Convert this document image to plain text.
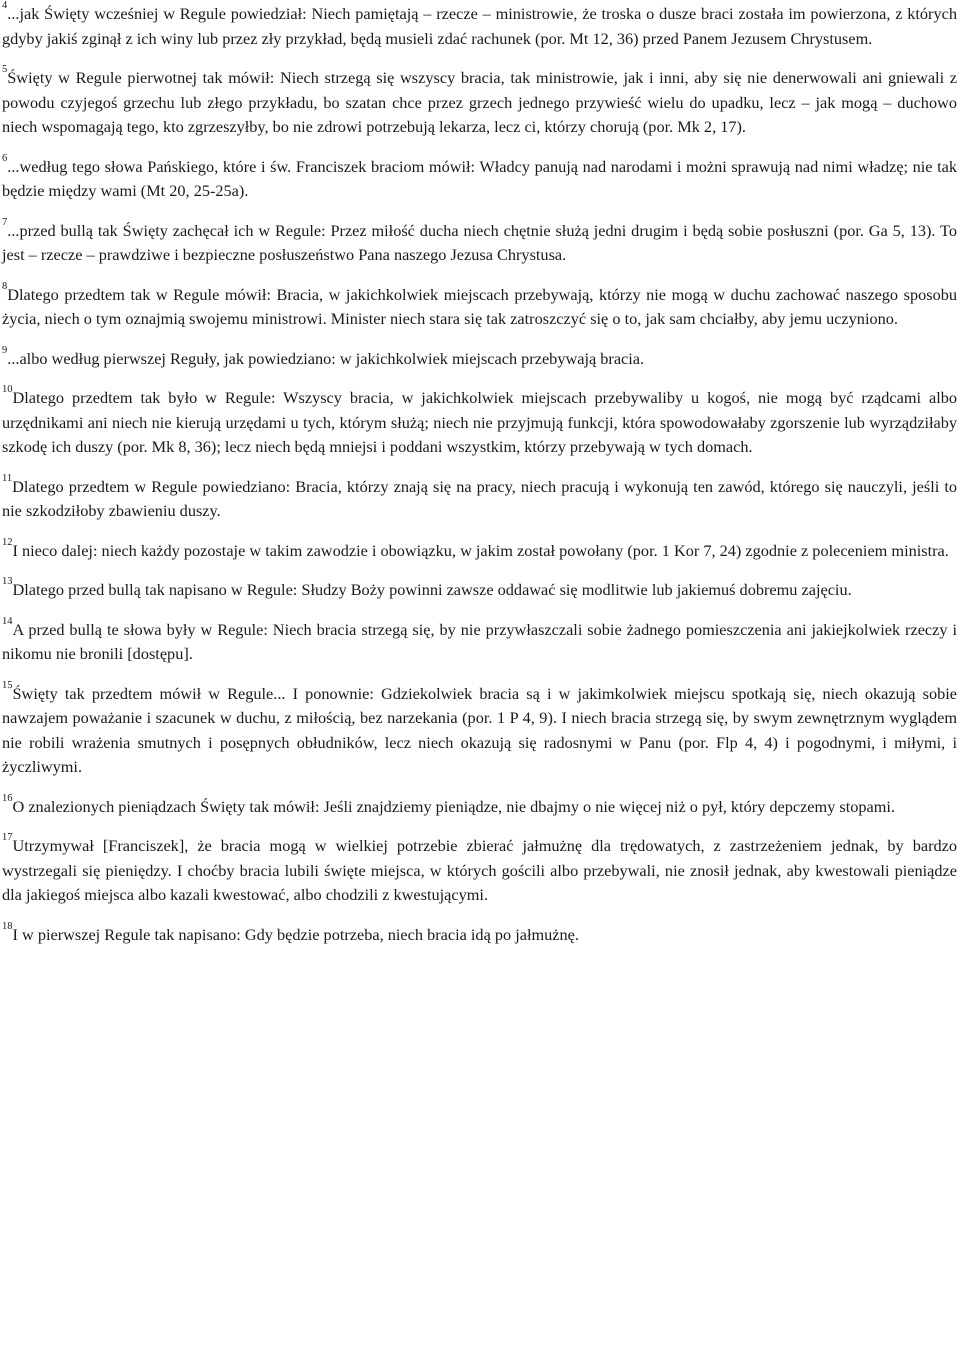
$^4$...jak Święty wcześniej w Regule powiedział: Niech pamiętają – rzecze – ministrowie, że troska o dusze braci została im powierzona, z których gdyby jakiś zginął z ich winy lub przez zły przykład, będą musieli zdać rachunek (por. Mt 12, 36) przed Panem Jezusem Chrystusem.

$^5$Święty w Regule pierwotnej tak mówił: Niech strzegą się wszyscy bracia, tak ministrowie, jak i inni, aby się nie denerwowali ani gniewali z powodu czyjegoś grzechu lub złego przykładu, bo szatan chce przez grzech jednego przywieść wielu do upadku, lecz – jak mogą – duchowo niech wspomagają tego, kto zgrzeszyłby, bo nie zdrowi potrzebują lekarza, lecz ci, którzy chorują (por. Mk 2, 17).

$^6$...według tego słowa Pańskiego, które i św. Franciszek braciom mówił: Władcy panują nad narodami i możni sprawują nad nimi władzę; nie tak będzie między wami (Mt 20, 25-25a).

$^7$...przed bullą tak Święty zachęcał ich w Regule: Przez miłość ducha niech chętnie służą jedni drugim i będą sobie posłuszni (por. Ga 5, 13). To jest – rzecze – prawdziwe i bezpieczne posłuszeństwo Pana naszego Jezusa Chrystusa.

$^8$Dlatego przedtem tak w Regule mówił: Bracia, w jakichkolwiek miejscach przebywają, którzy nie mogą w duchu zachować naszego sposobu życia, niech o tym oznajmią swojemu ministrowi. Minister niech stara się tak zatroszczyć się o to, jak sam chciałby, aby jemu uczyniono.

$^9$...albo według pierwszej Reguły, jak powiedziano: w jakichkolwiek miejscach przebywają bracia.

$^{10}$Dlatego przedtem tak było w Regule: Wszyscy bracia, w jakichkolwiek miejscach przebywaliby u kogoś, nie mogą być rządcami albo urzędnikami ani niech nie kierują urzędami u tych, którym służą; niech nie przyjmują funkcji, która spowodowałaby zgorszenie lub wyrządziłaby szkodę ich duszy (por. Mk 8, 36); lecz niech będą mniejsi i poddani wszystkim, którzy przebywają w tych domach.

$^{11}$Dlatego przedtem w Regule powiedziano: Bracia, którzy znają się na pracy, niech pracują i wykonują ten zawód, którego się nauczyli, jeśli to nie szkodziłoby zbawieniu duszy.

$^{12}$I nieco dalej: niech każdy pozostaje w takim zawodzie i obowiązku, w jakim został powołany (por. 1 Kor 7, 24) zgodnie z poleceniem ministra.

$^{13}$Dlatego przed bullą tak napisano w Regule: Słudzy Boży powinni zawsze oddawać się modlitwie lub jakiemuś dobremu zajęciu.

$^{14}$A przed bullą te słowa były w Regule: Niech bracia strzegą się, by nie przywłaszczali sobie żadnego pomieszczenia ani jakiejkolwiek rzeczy i nikomu nie bronili [dostępu].

$^{15}$Święty tak przedtem mówił w Regule... I ponownie: Gdziekolwiek bracia są i w jakimkolwiek miejscu spotkają się, niech okazują sobie nawzajem poważanie i szacunek w duchu, z miłością, bez narzekania (por. 1 P 4, 9). I niech bracia strzegą się, by swym zewnętrznym wyglądem nie robili wrażenia smutnych i posępnych obłudników, lecz niech okazują się radosnymi w Panu (por. Flp 4, 4) i pogodnymi, i miłymi, i życzliwymi.

$^{16}$O znalezionych pieniądzach Święty tak mówił: Jeśli znajdziemy pieniądze, nie dbajmy o nie więcej niż o pył, który depczemy stopami.

$^{17}$Utrzymywał [Franciszek], że bracia mogą w wielkiej potrzebie zbierać jałmużnę dla trędowatych, z zastrzeżeniem jednak, by bardzo wystrzegali się pieniędzy. I choćby bracia lubili święte miejsca, w których gościli albo przebywali, nie znosił jednak, aby kwestowali pieniądze dla jakiegoś miejsca albo kazali kwestować, albo chodzili z kwestującymi.

$^{18}$I w pierwszej Regule tak napisano: Gdy będzie potrzeba, niech bracia idą po jałmużnę.
